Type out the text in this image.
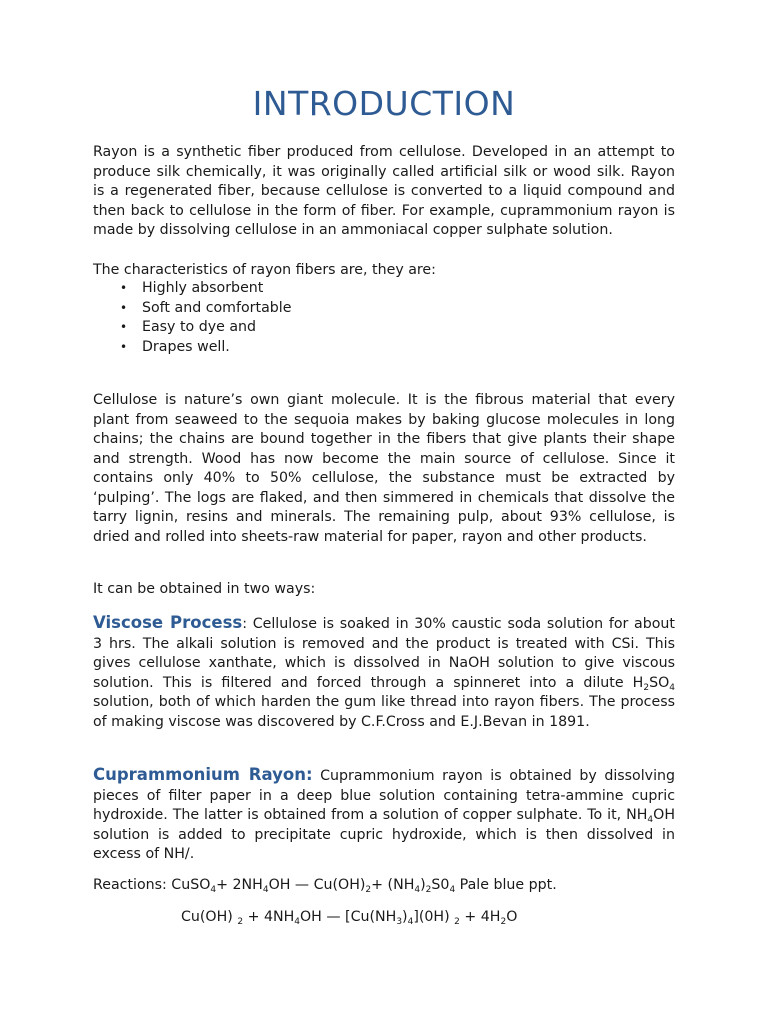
INTRODUCTION

Rayon is a synthetic fiber produced from cellulose. Developed in an attempt to produce silk chemically, it was originally called artificial silk or wood silk. Rayon is a regenerated fiber, because cellulose is converted to a liquid compound and then back to cellulose in the form of fiber. For example, cuprammonium rayon is made by dissolving cellulose in an ammoniacal copper sulphate solution.

The characteristics of rayon fibers are, they are:

• Highly absorbent
• Soft and comfortable
• Easy to dye and
• Drapes well.

Cellulose is nature’s own giant molecule. It is the fibrous material that every plant from seaweed to the sequoia makes by baking glucose molecules in long chains; the chains are bound together in the fibers that give plants their shape and strength. Wood has now become the main source of cellulose. Since it contains only 40% to 50% cellulose, the substance must be extracted by ‘pulping’. The logs are flaked, and then simmered in chemicals that dissolve the tarry lignin, resins and minerals. The remaining pulp, about 93% cellulose, is dried and rolled into sheets-raw material for paper, rayon and other products.

It can be obtained in two ways:

Viscose Process: Cellulose is soaked in 30% caustic soda solution for about 3 hrs. The alkali solution is removed and the product is treated with CSi. This gives cellulose xanthate, which is dissolved in NaOH solution to give viscous solution. This is filtered and forced through a spinneret into a dilute $H_2SO_4$ solution, both of which harden the gum like thread into rayon fibers. The process of making viscose was discovered by C.F.Cross and E.J.Bevan in 1891.

Cuprammonium Rayon: Cuprammonium rayon is obtained by dissolving pieces of filter paper in a deep blue solution containing tetra-ammine cupric hydroxide. The latter is obtained from a solution of copper sulphate. To it, $NH_4OH$ solution is added to precipitate cupric hydroxide, which is then dissolved in excess of NH/.

Reactions: CuSO$_4$+ $2NH_4OH$ — $Cu(OH)_2+ (NH_4)_2S0_4$ Pale blue ppt.
Cu(OH) $_2 + 4NH_4OH$ — $[Cu(NH_3)_4](0H) _2 + 4H_2O$
